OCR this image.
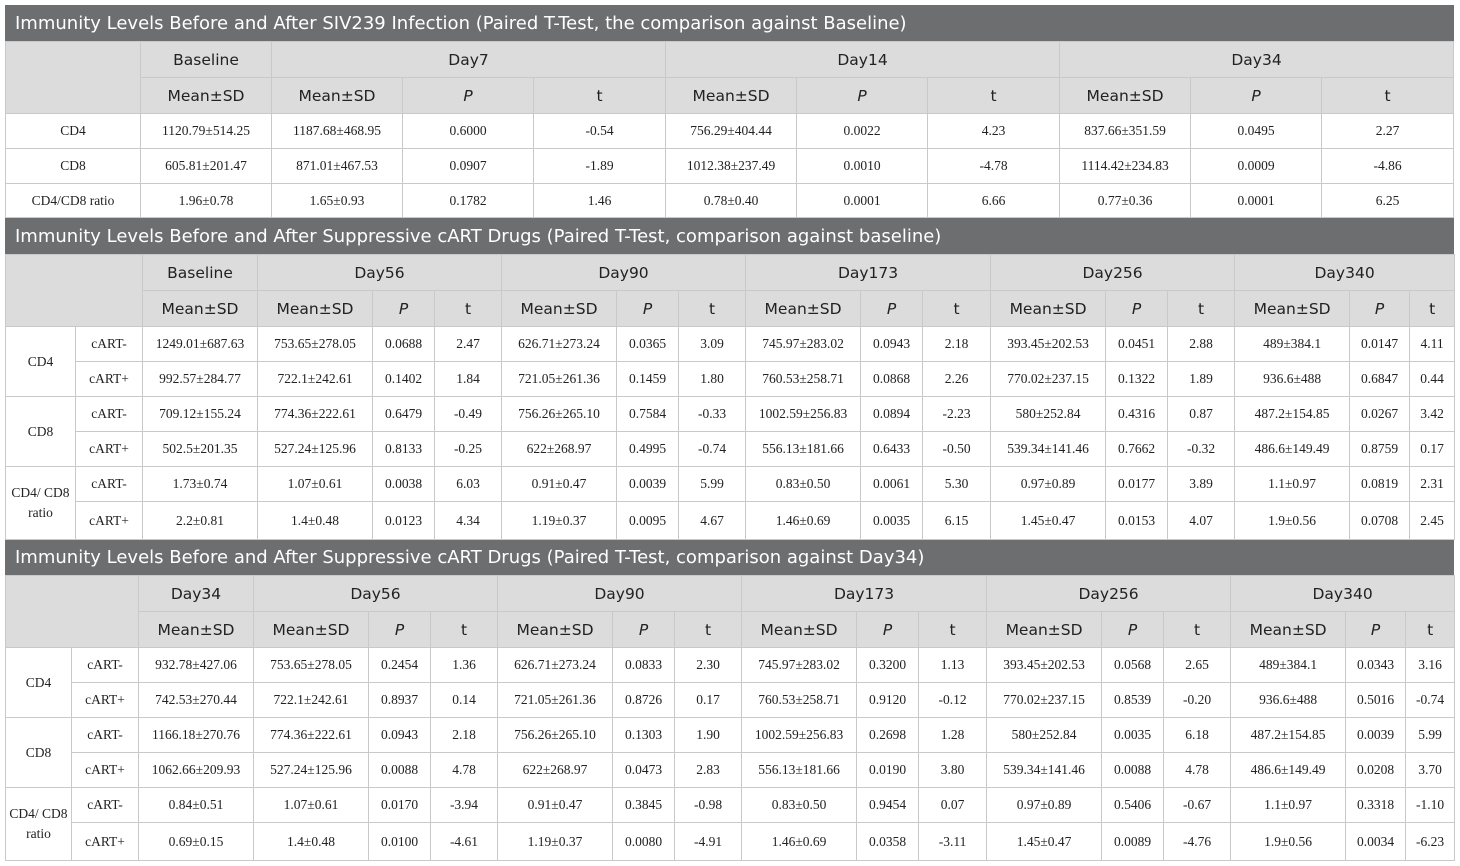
Immunity Levels Before and After SIV239 Infection (Paired T-Test, the comparison against Baseline)
	Baseline	Day7			Day14			Day34		
	Mean±SD	Mean±SD	P	t	Mean±SD	P	t	Mean±SD	P	t
CD4	1120.79±514.25	1187.68±468.95	0.6000	-0.54	756.29±404.44	0.0022	4.23	837.66±351.59	0.0495	2.27
CD8	605.81±201.47	871.01±467.53	0.0907	-1.89	1012.38±237.49	0.0010	-4.78	1114.42±234.83	0.0009	-4.86
CD4/CD8 ratio	1.96±0.78	1.65±0.93	0.1782	1.46	0.78±0.40	0.0001	6.66	0.77±0.36	0.0001	6.25
Immunity Levels Before and After Suppressive cART Drugs (Paired T-Test, comparison against baseline)
		Baseline	Day56			Day90			Day173			Day256			Day340		
		Mean±SD	Mean±SD	P	t	Mean±SD	P	t	Mean±SD	P	t	Mean±SD	P	t	Mean±SD	P	t
CD4	cART-	1249.01±687.63	753.65±278.05	0.0688	2.47	626.71±273.24	0.0365	3.09	745.97±283.02	0.0943	2.18	393.45±202.53	0.0451	2.88	489±384.1	0.0147	4.11
	cART+	992.57±284.77	722.1±242.61	0.1402	1.84	721.05±261.36	0.1459	1.80	760.53±258.71	0.0868	2.26	770.02±237.15	0.1322	1.89	936.6±488	0.6847	0.44
CD8	cART-	709.12±155.24	774.36±222.61	0.6479	-0.49	756.26±265.10	0.7584	-0.33	1002.59±256.83	0.0894	-2.23	580±252.84	0.4316	0.87	487.2±154.85	0.0267	3.42
	cART+	502.5±201.35	527.24±125.96	0.8133	-0.25	622±268.97	0.4995	-0.74	556.13±181.66	0.6433	-0.50	539.34±141.46	0.7662	-0.32	486.6±149.49	0.8759	0.17
CD4/ CD8 ratio	cART-	1.73±0.74	1.07±0.61	0.0038	6.03	0.91±0.47	0.0039	5.99	0.83±0.50	0.0061	5.30	0.97±0.89	0.0177	3.89	1.1±0.97	0.0819	2.31
	cART+	2.2±0.81	1.4±0.48	0.0123	4.34	1.19±0.37	0.0095	4.67	1.46±0.69	0.0035	6.15	1.45±0.47	0.0153	4.07	1.9±0.56	0.0708	2.45
Immunity Levels Before and After Suppressive cART Drugs (Paired T-Test, comparison against Day34)
		Day34	Day56			Day90			Day173			Day256			Day340		
		Mean±SD	Mean±SD	P	t	Mean±SD	P	t	Mean±SD	P	t	Mean±SD	P	t	Mean±SD	P	t
CD4	cART-	932.78±427.06	753.65±278.05	0.2454	1.36	626.71±273.24	0.0833	2.30	745.97±283.02	0.3200	1.13	393.45±202.53	0.0568	2.65	489±384.1	0.0343	3.16
	cART+	742.53±270.44	722.1±242.61	0.8937	0.14	721.05±261.36	0.8726	0.17	760.53±258.71	0.9120	-0.12	770.02±237.15	0.8539	-0.20	936.6±488	0.5016	-0.74
CD8	cART-	1166.18±270.76	774.36±222.61	0.0943	2.18	756.26±265.10	0.1303	1.90	1002.59±256.83	0.2698	1.28	580±252.84	0.0035	6.18	487.2±154.85	0.0039	5.99
	cART+	1062.66±209.93	527.24±125.96	0.0088	4.78	622±268.97	0.0473	2.83	556.13±181.66	0.0190	3.80	539.34±141.46	0.0088	4.78	486.6±149.49	0.0208	3.70
CD4/ CD8 ratio	cART-	0.84±0.51	1.07±0.61	0.0170	-3.94	0.91±0.47	0.3845	-0.98	0.83±0.50	0.9454	0.07	0.97±0.89	0.5406	-0.67	1.1±0.97	0.3318	-1.10
	cART+	0.69±0.15	1.4±0.48	0.0100	-4.61	1.19±0.37	0.0080	-4.91	1.46±0.69	0.0358	-3.11	1.45±0.47	0.0089	-4.76	1.9±0.56	0.0034	-6.23
